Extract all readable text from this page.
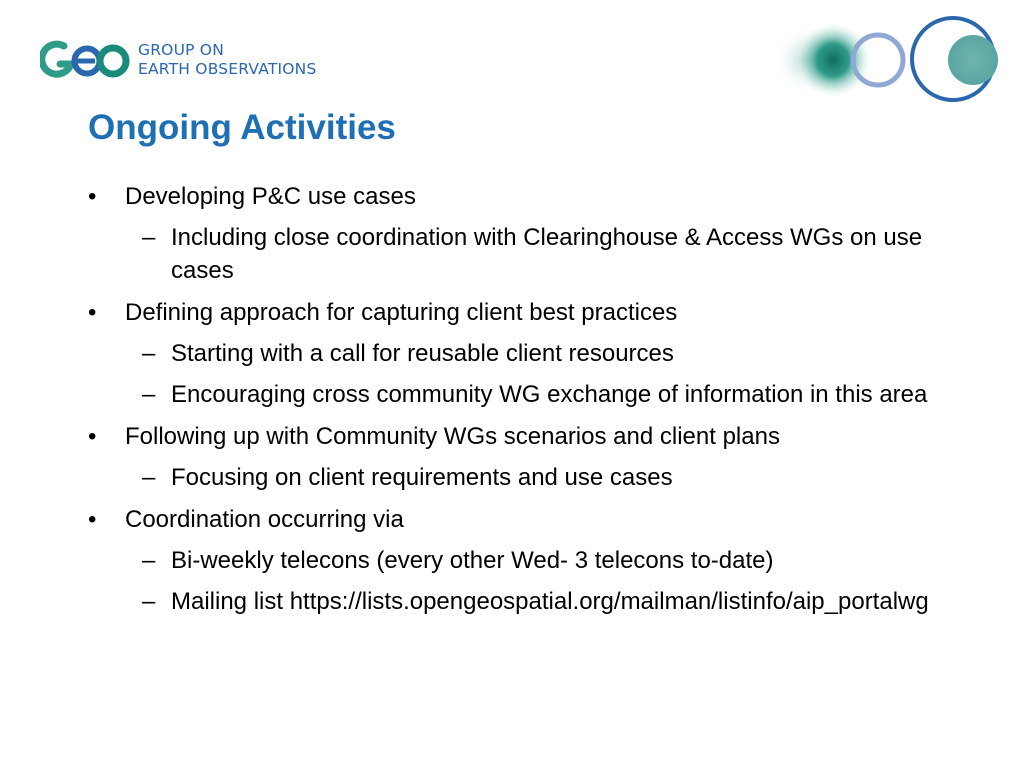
GROUP ON
EARTH OBSERVATIONS
Ongoing Activities
• Developing P&C use cases
– Including close coordination with Clearinghouse & Access WGs on use cases
• Defining approach for capturing client best practices
– Starting with a call for reusable client resources
– Encouraging cross community WG exchange of information in this area
• Following up with Community WGs scenarios and client plans
– Focusing on client requirements and use cases
• Coordination occurring via
– Bi-weekly telecons (every other Wed- 3 telecons to-date)
– Mailing list https://lists.opengeospatial.org/mailman/listinfo/aip_portalwg
